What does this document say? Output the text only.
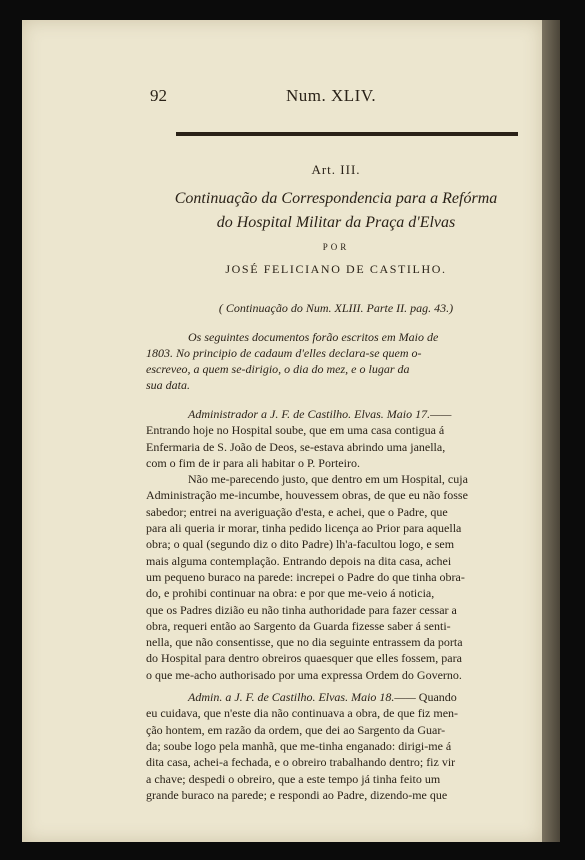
92	Num. XLIV.
Art. III.
Continuação da Correspondencia para a Refórma
do Hospital Militar da Praça d'Elvas
POR
JOSÉ FELICIANO DE CASTILHO.
( Continuação do Num. XLIII. Parte II. pag. 43.)
Os seguintes documentos forão escritos em Maio de
1803. No principio de cadaum d'elles declara-se quem o-
escreveo, a quem se-dirigio, o dia do mez, e o lugar da
sua data.
Administrador a J. F. de Castilho. Elvas. Maio 17.——
Entrando hoje no Hospital soube, que em uma casa contigua á
Enfermaria de S. João de Deos, se-estava abrindo uma janella,
com o fim de ir para ali habitar o P. Porteiro.
Não me-parecendo justo, que dentro em um Hospital, cuja
Administração me-incumbe, houvessem obras, de que eu não fosse
sabedor; entrei na averiguação d'esta, e achei, que o Padre, que
para ali queria ir morar, tinha pedido licença ao Prior para aquella
obra; o qual (segundo diz o dito Padre) lh'a-facultou logo, e sem
mais alguma contemplação. Entrando depois na dita casa, achei
um pequeno buraco na parede: increpei o Padre do que tinha obra-
do, e prohibi continuar na obra: e por que me-veio á noticia,
que os Padres dizião eu não tinha authoridade para fazer cessar a
obra, requeri então ao Sargento da Guarda fizesse saber á senti-
nella, que não consentisse, que no dia seguinte entrassem da porta
do Hospital para dentro obreiros quaesquer que elles fossem, para
o que me-acho authorisado por uma expressa Ordem do Governo.
Admin. a J. F. de Castilho. Elvas. Maio 18.—— Quando
eu cuidava, que n'este dia não continuava a obra, de que fiz men-
ção hontem, em razão da ordem, que dei ao Sargento da Guar-
da; soube logo pela manhã, que me-tinha enganado: dirigi-me á
dita casa, achei-a fechada, e o obreiro trabalhando dentro; fiz vir
a chave; despedi o obreiro, que a este tempo já tinha feito um
grande buraco na parede; e respondi ao Padre, dizendo-me que
